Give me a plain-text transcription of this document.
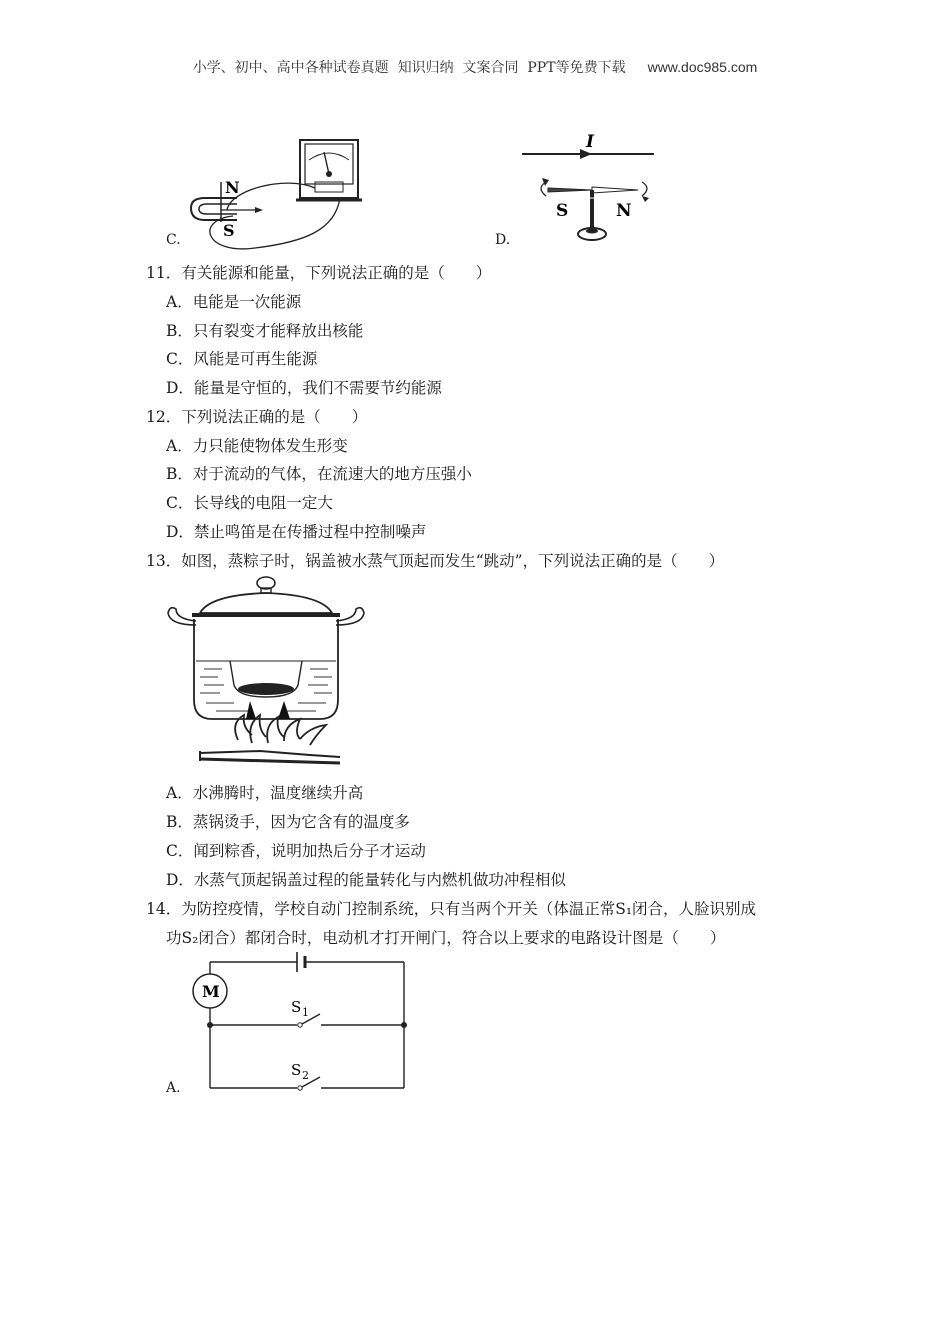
小学、初中、高中各种试卷真题  知识归纳  文案合同  PPT等免费下载 www.doc985.com
N
S
C.
I
S	N
D.
11．有关能源和能量，下列说法正确的是（　　）
A．电能是一次能源
B．只有裂变才能释放出核能
C．风能是可再生能源
D．能量是守恒的，我们不需要节约能源
12．下列说法正确的是（　　）
A．力只能使物体发生形变
B．对于流动的气体，在流速大的地方压强小
C．长导线的电阻一定大
D．禁止鸣笛是在传播过程中控制噪声
13．如图，蒸粽子时，锅盖被水蒸气顶起而发生“跳动”，下列说法正确的是（　　）
A．水沸腾时，温度继续升高
B．蒸锅烫手，因为它含有的温度多
C．闻到粽香，说明加热后分子才运动
D．水蒸气顶起锅盖过程的能量转化与内燃机做功冲程相似
14．为防控疫情，学校自动门控制系统，只有当两个开关（体温正常S₁闭合，人脸识别成
功S₂闭合）都闭合时，电动机才打开闸门，符合以上要求的电路设计图是（　　）
M
S 1
S 2
A.
